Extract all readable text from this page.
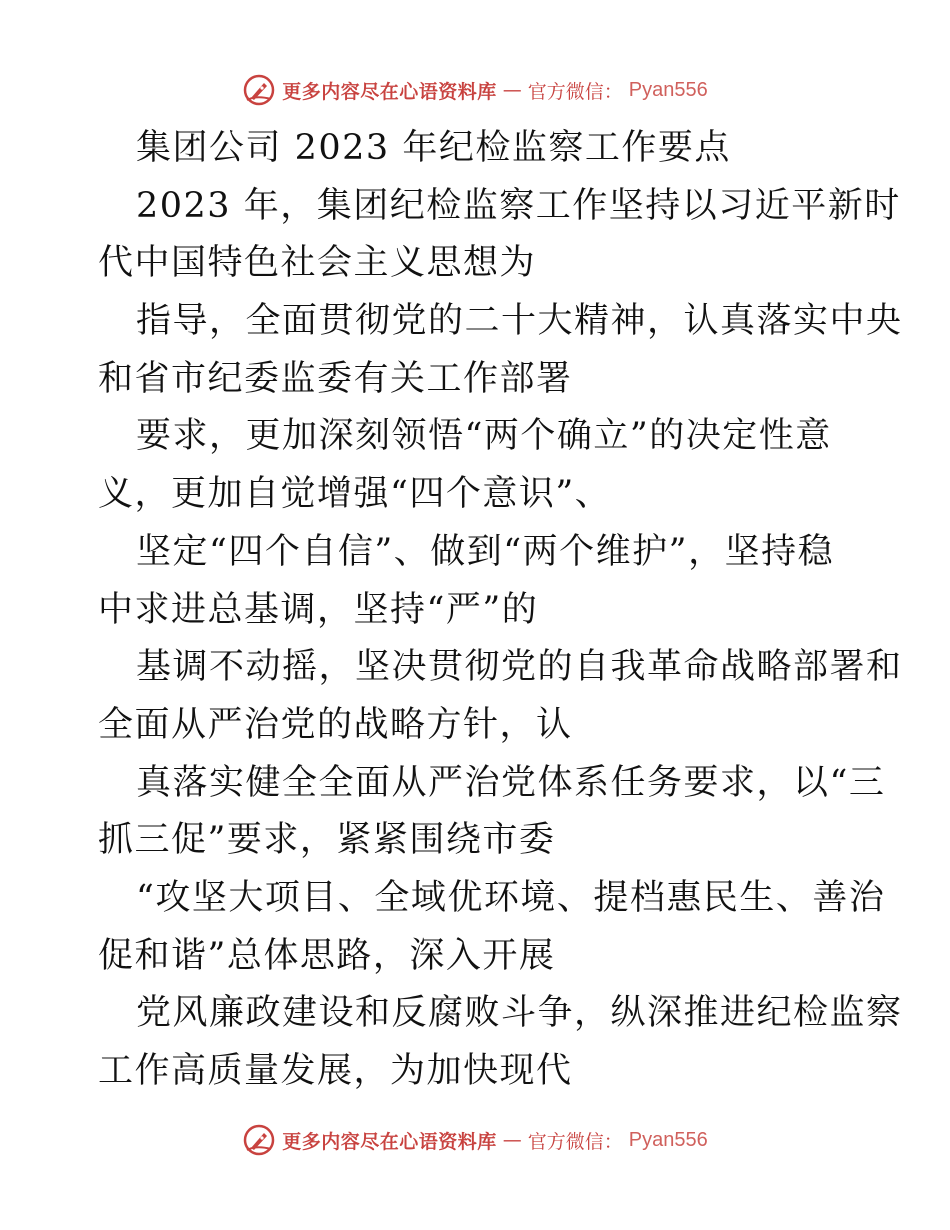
更多内容尽在心语资料库 — 官方微信： Pyan556
集团公司 2023 年纪检监察工作要点
2023 年，集团纪检监察工作坚持以习近平新时
代中国特色社会主义思想为
指导，全面贯彻党的二十大精神，认真落实中央
和省市纪委监委有关工作部署
要求，更加深刻领悟“两个确立”的决定性意
义，更加自觉增强“四个意识”、
坚定“四个自信”、做到“两个维护”，坚持稳
中求进总基调，坚持“严”的
基调不动摇，坚决贯彻党的自我革命战略部署和
全面从严治党的战略方针，认
真落实健全全面从严治党体系任务要求，以“三
抓三促”要求，紧紧围绕市委
“攻坚大项目、全域优环境、提档惠民生、善治
促和谐”总体思路，深入开展
党风廉政建设和反腐败斗争，纵深推进纪检监察
工作高质量发展，为加快现代
更多内容尽在心语资料库 — 官方微信： Pyan556
